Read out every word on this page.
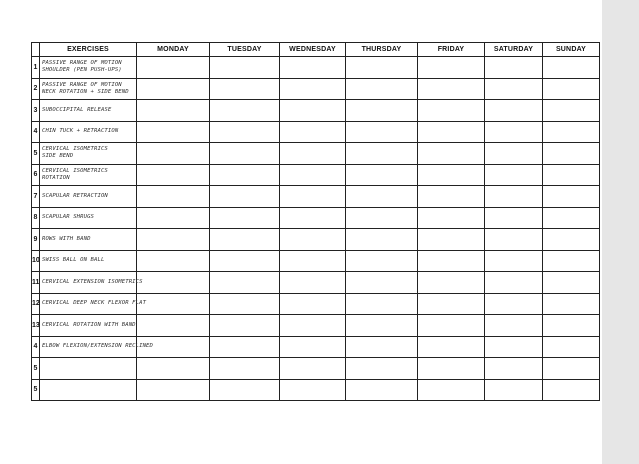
	EXERCISES	MONDAY	TUESDAY	WEDNESDAY	THURSDAY	FRIDAY	SATURDAY	SUNDAY
1	PASSIVE RANGE OF MOTION
SHOULDER (PEN PUSH-UPS)							

2	PASSIVE RANGE OF MOTION
NECK ROTATION + SIDE BEND							

3	SUBOCCIPITAL RELEASE							

4	CHIN TUCK + RETRACTION							

5	CERVICAL ISOMETRICS
SIDE BEND							

6	CERVICAL ISOMETRICS
ROTATION							

7	SCAPULAR RETRACTION							

8	SCAPULAR SHRUGS							

9	ROWS WITH BAND							

10	SWISS BALL ON BALL							

11	CERVICAL EXTENSION ISOMETRICS							

12	CERVICAL DEEP NECK FLEXOR FLAT							

13	CERVICAL ROTATION WITH BAND							

4	ELBOW FLEXION/EXTENSION RECLINED							

5								
5								
